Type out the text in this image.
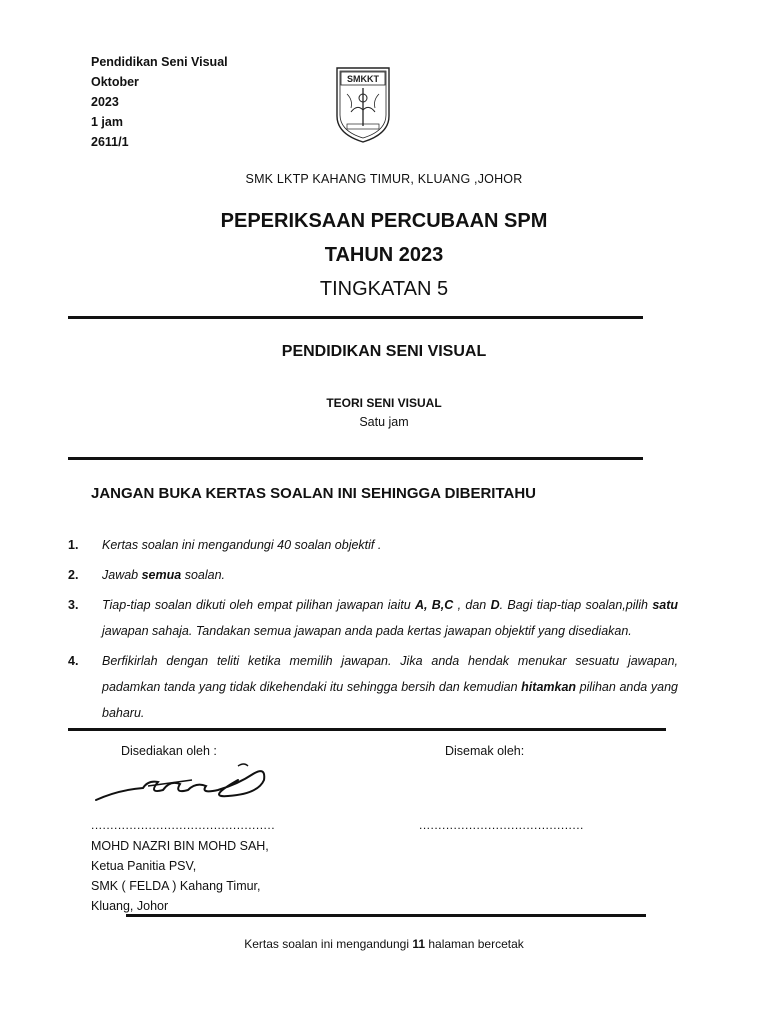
Pendidikan Seni Visual
Oktober
2023
1 jam
2611/1
SMKKT
SMK LKTP KAHANG TIMUR, KLUANG ,JOHOR
PEPERIKSAAN PERCUBAAN SPM
TAHUN 2023
TINGKATAN 5
PENDIDIKAN SENI VISUAL
TEORI SENI VISUAL
Satu jam
JANGAN BUKA KERTAS SOALAN INI SEHINGGA DIBERITAHU
1.	Kertas soalan ini mengandungi 40 soalan objektif .
2.	Jawab semua soalan.
3.	Tiap-tiap soalan dikuti oleh empat pilihan jawapan iaitu A, B,C , dan D. Bagi tiap-tiap soalan,pilih satu jawapan sahaja. Tandakan semua jawapan anda pada kertas jawapan objektif yang disediakan.
4.	Berfikirlah dengan teliti ketika memilih jawapan. Jika anda hendak menukar sesuatu jawapan, padamkan tanda yang tidak dikehendaki itu sehingga bersih dan kemudian hitamkan pilihan anda yang baharu.
Disediakan oleh :	Disemak oleh:
................................................	...........................................
MOHD NAZRI BIN MOHD SAH,
Ketua Panitia PSV,
SMK ( FELDA ) Kahang Timur,
Kluang, Johor
Kertas soalan ini mengandungi 11 halaman bercetak
